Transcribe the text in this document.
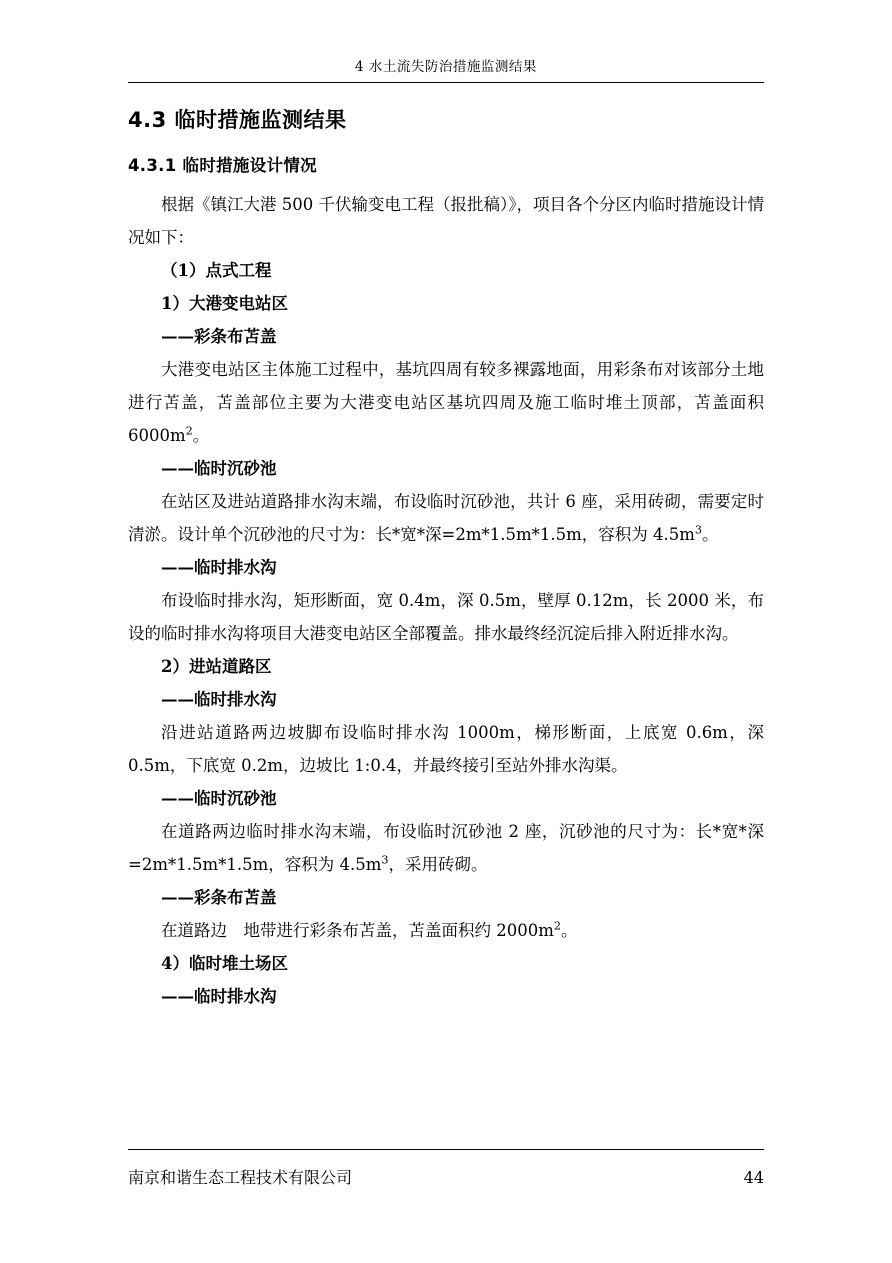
4 水土流失防治措施监测结果
4.3 临时措施监测结果
4.3.1 临时措施设计情况

根据《镇江大港 500 千伏输变电工程（报批稿）》，项目各个分区内临时措施设计情况如下：

（1）点式工程

1）大港变电站区

——彩条布苫盖

大港变电站区主体施工过程中，基坑四周有较多裸露地面，用彩条布对该部分土地进行苫盖，苫盖部位主要为大港变电站区基坑四周及施工临时堆土顶部，苫盖面积 $6000m^2$。

——临时沉砂池

在站区及进站道路排水沟末端，布设临时沉砂池，共计 6 座，采用砖砌，需要定时清淤。设计单个沉砂池的尺寸为：长*宽*深=2m*1.5m*1.5m，容积为 $4.5m^3$。

——临时排水沟

布设临时排水沟，矩形断面，宽 0.4m，深 0.5m，壁厚 0.12m，长 2000 米，布设的临时排水沟将项目大港变电站区全部覆盖。排水最终经沉淀后排入附近排水沟。

2）进站道路区

——临时排水沟

沿进站道路两边坡脚布设临时排水沟 1000m，梯形断面，上底宽 0.6m，深 0.5m，下底宽 0.2m，边坡比 1:0.4，并最终接引至站外排水沟渠。

——临时沉砂池

在道路两边临时排水沟末端，布设临时沉砂池 2 座，沉砂池的尺寸为：长*宽*深=2m*1.5m*1.5m，容积为 $4.5m^3$，采用砖砌。

——彩条布苫盖

在道路边　地带进行彩条布苫盖，苫盖面积约 $2000m^2$。

4）临时堆土场区

——临时排水沟

南京和谐生态工程技术有限公司	44
